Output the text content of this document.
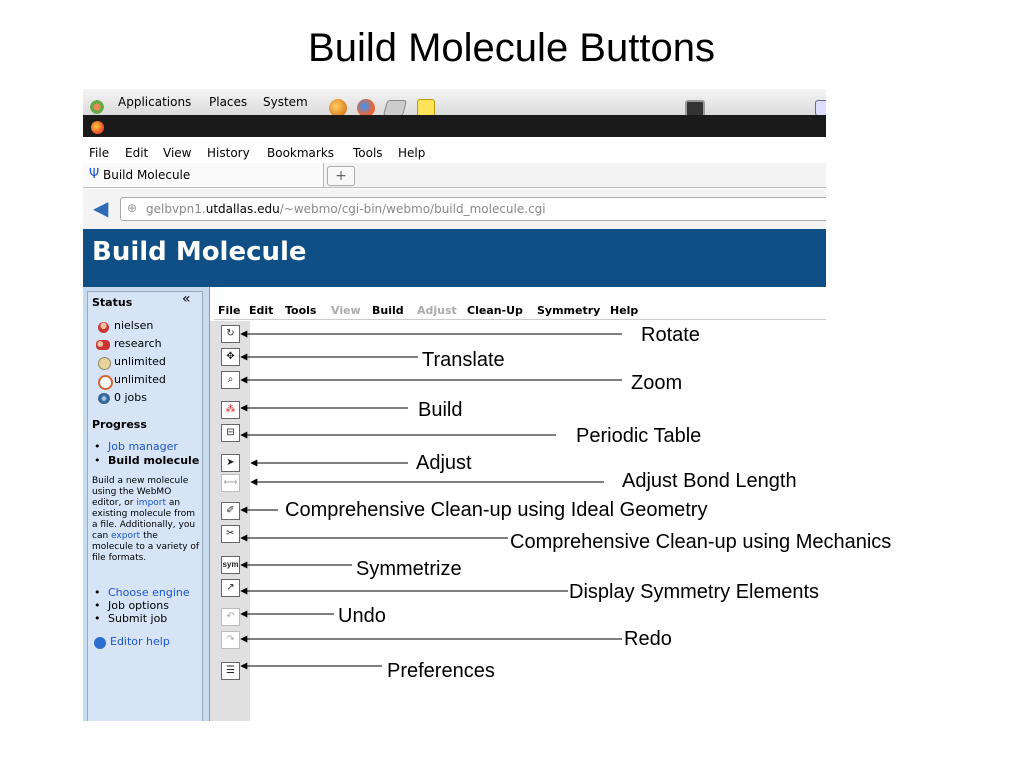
Build Molecule Buttons
Applications Places System
File Edit View History Bookmarks Tools Help
Ψ Build Molecule	+
◀ ⊕ gelbvpn1.utdallas.edu/~webmo/cgi-bin/webmo/build_molecule.cgi
Build Molecule
Status	«
nielsen
research
unlimited
unlimited
0 jobs
Progress
• Job manager
• Build molecule
Build a new molecule using the WebMO editor, or import an existing molecule from a file. Additionally, you can export the molecule to a variety of file formats.
• Choose engine
• Job options
• Submit job
Editor help
File Edit Tools View Build Adjust Clean-Up Symmetry Help
↻
✥
⌕
⁂
⊟
➤
⟷
✐
✂
sym
↗
↶
↷
☰
Rotate
Translate
Zoom
Build
Periodic Table
Adjust
Adjust Bond Length
Comprehensive Clean-up using Ideal Geometry
Comprehensive Clean-up using Mechanics
Symmetrize
Display Symmetry Elements
Undo
Redo
Preferences
